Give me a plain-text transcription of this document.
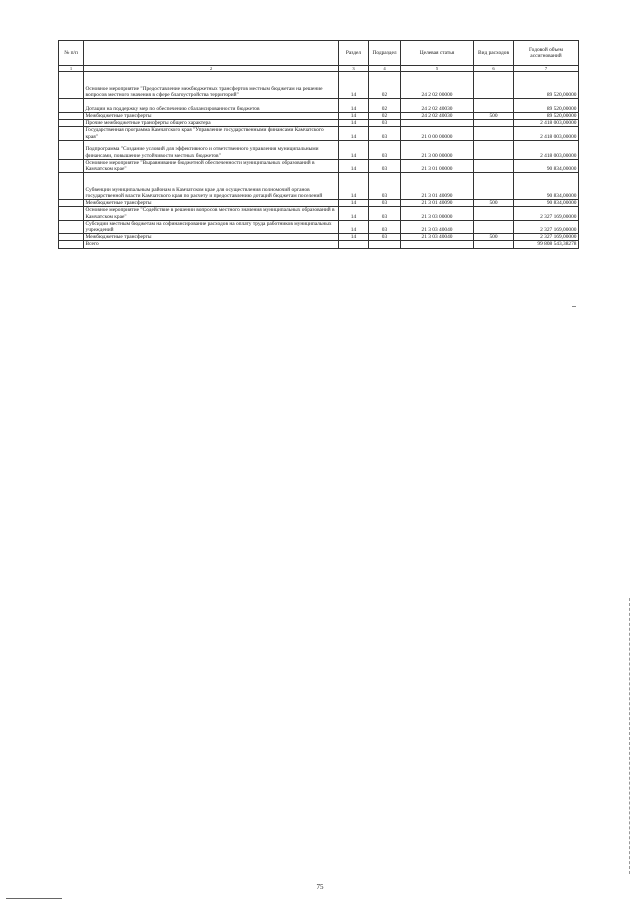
№ п/п		Раздел	Подраздел	Целевая статья	Вид расходов	Годовой объем ассигнований
1	2	3	4	5	6	7
	Основное мероприятие "Предоставление межбюджетных трансфертов местным бюджетам на решение вопросов местного значения в сфере благоустройства территорий"	14	02	24 2 02 00000		89 520,00000
	Дотации на поддержку мер по обеспечению сбалансированности бюджетов	14	02	24 2 02 40030		89 520,00000
	Межбюджетные трансферты	14	02	24 2 02 40030	500	89 520,00000
	Прочие межбюджетные трансферты общего характера	14	03			2 418 003,00000
	Государственная программа Камчатского края "Управление государственными финансами Камчатского края"	14	03	21 0 00 00000		2 418 003,00000
	Подпрограмма "Создание условий для эффективного и ответственного управления муниципальными финансами, повышение устойчивости местных бюджетов"	14	03	21 3 00 00000		2 418 003,00000
	Основное мероприятие "Выравнивание бюджетной обеспеченности муниципальных образований в Камчатском крае"	14	03	21 3 01 00000		90 834,00000
	Субвенции муниципальным районам в Камчатском крае для осуществления полномочий органов государственной власти Камчатского края по расчету и предоставлению дотаций бюджетам поселений	14	03	21 3 01 40090		90 834,00000
	Межбюджетные трансферты	14	03	21 3 01 40090	500	90 834,00000
	Основное мероприятие "Содействие в решении вопросов местного значения муниципальных образований в Камчатском крае"	14	03	21 3 03 00000		2 327 169,00000
	Субсидии местным бюджетам на софинансирование расходов на оплату труда работников муниципальных учреждений	14	03	21 3 03 40040		2 327 169,00000
	Межбюджетные трансферты	14	03	21 3 03 40040	500	2 327 169,00000
	Всего					99 808 543,38278
75
